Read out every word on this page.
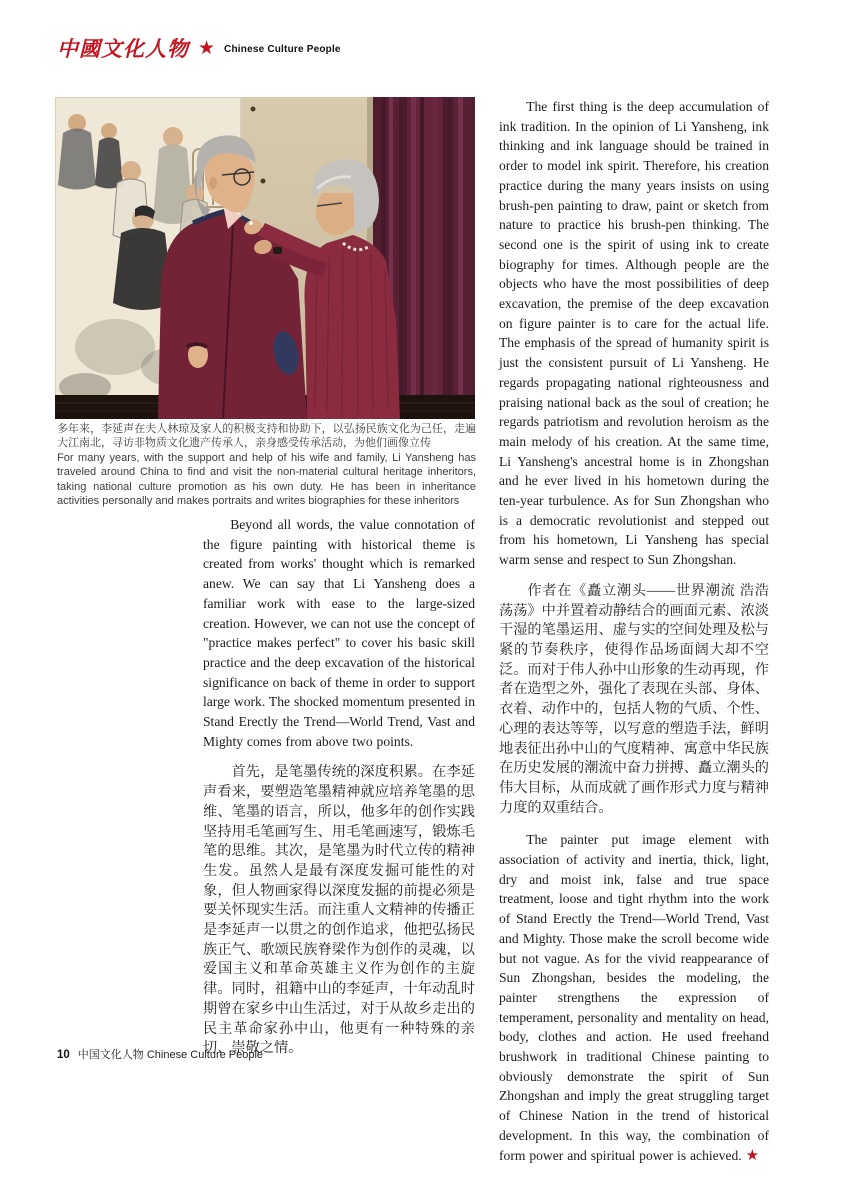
中國文化人物 ★ Chinese Culture People

多年来，李延声在夫人林琼及家人的积极支持和协助下，以弘扬民族文化为己任，走遍大江南北，寻访非物质文化遗产传承人，亲身感受传承活动，为他们画像立传

For many years, with the support and help of his wife and family, Li Yansheng has traveled around China to find and visit the non-material cultural heritage inheritors, taking national culture promotion as his own duty. He has been in inheritance activities personally and makes portraits and writes biographies for these inheritors

Beyond all words, the value connotation of the figure painting with historical theme is created from works' thought which is remarked anew. We can say that Li Yansheng does a familiar work with ease to the large-sized creation. However, we can not use the concept of "practice makes perfect" to cover his basic skill practice and the deep excavation of the historical significance on back of theme in order to support large work. The shocked momentum presented in Stand Erectly the Trend—World Trend, Vast and Mighty comes from above two points.

首先，是笔墨传统的深度积累。在李延声看来，要塑造笔墨精神就应培养笔墨的思维、笔墨的语言，所以，他多年的创作实践坚持用毛笔画写生、用毛笔画速写，锻炼毛笔的思维。其次，是笔墨为时代立传的精神生发。虽然人是最有深度发掘可能性的对象，但人物画家得以深度发掘的前提必须是要关怀现实生活。而注重人文精神的传播正是李延声一以贯之的创作追求，他把弘扬民族正气、歌颂民族脊梁作为创作的灵魂，以爱国主义和革命英雄主义作为创作的主旋律。同时，祖籍中山的李延声，十年动乱时期曾在家乡中山生活过，对于从故乡走出的民主革命家孙中山，他更有一种特殊的亲切、崇敬之情。

The first thing is the deep accumulation of ink tradition. In the opinion of Li Yansheng, ink thinking and ink language should be trained in order to model ink spirit. Therefore, his creation practice during the many years insists on using brush-pen painting to draw, paint or sketch from nature to practice his brush-pen thinking. The second one is the spirit of using ink to create biography for times. Although people are the objects who have the most possibilities of deep excavation, the premise of the deep excavation on figure painter is to care for the actual life. The emphasis of the spread of humanity spirit is just the consistent pursuit of Li Yansheng. He regards propagating national righteousness and praising national back as the soul of creation; he regards patriotism and revolution heroism as the main melody of his creation. At the same time, Li Yansheng's ancestral home is in Zhongshan and he ever lived in his hometown during the ten-year turbulence. As for Sun Zhongshan who is a democratic revolutionist and stepped out from his hometown, Li Yansheng has special warm sense and respect to Sun Zhongshan.

作者在《矗立潮头——世界潮流 浩浩荡荡》中并置着动静结合的画面元素、浓淡干湿的笔墨运用、虚与实的空间处理及松与紧的节奏秩序，使得作品场面阔大却不空泛。而对于伟人孙中山形象的生动再现，作者在造型之外，强化了表现在头部、身体、衣着、动作中的，包括人物的气质、个性、心理的表达等等，以写意的塑造手法，鲜明地表征出孙中山的气度精神、寓意中华民族在历史发展的潮流中奋力拼搏、矗立潮头的伟大目标，从而成就了画作形式力度与精神力度的双重结合。

The painter put image element with association of activity and inertia, thick, light, dry and moist ink, false and true space treatment, loose and tight rhythm into the work of Stand Erectly the Trend—World Trend, Vast and Mighty. Those make the scroll become wide but not vague. As for the vivid reappearance of Sun Zhongshan, besides the modeling, the painter strengthens the expression of temperament, personality and mentality on head, body, clothes and action. He used freehand brushwork in traditional Chinese painting to obviously demonstrate the spirit of Sun Zhongshan and imply the great struggling target of Chinese Nation in the trend of historical development. In this way, the combination of form power and spiritual power is achieved. ★

10 中国文化人物 Chinese Culture People
